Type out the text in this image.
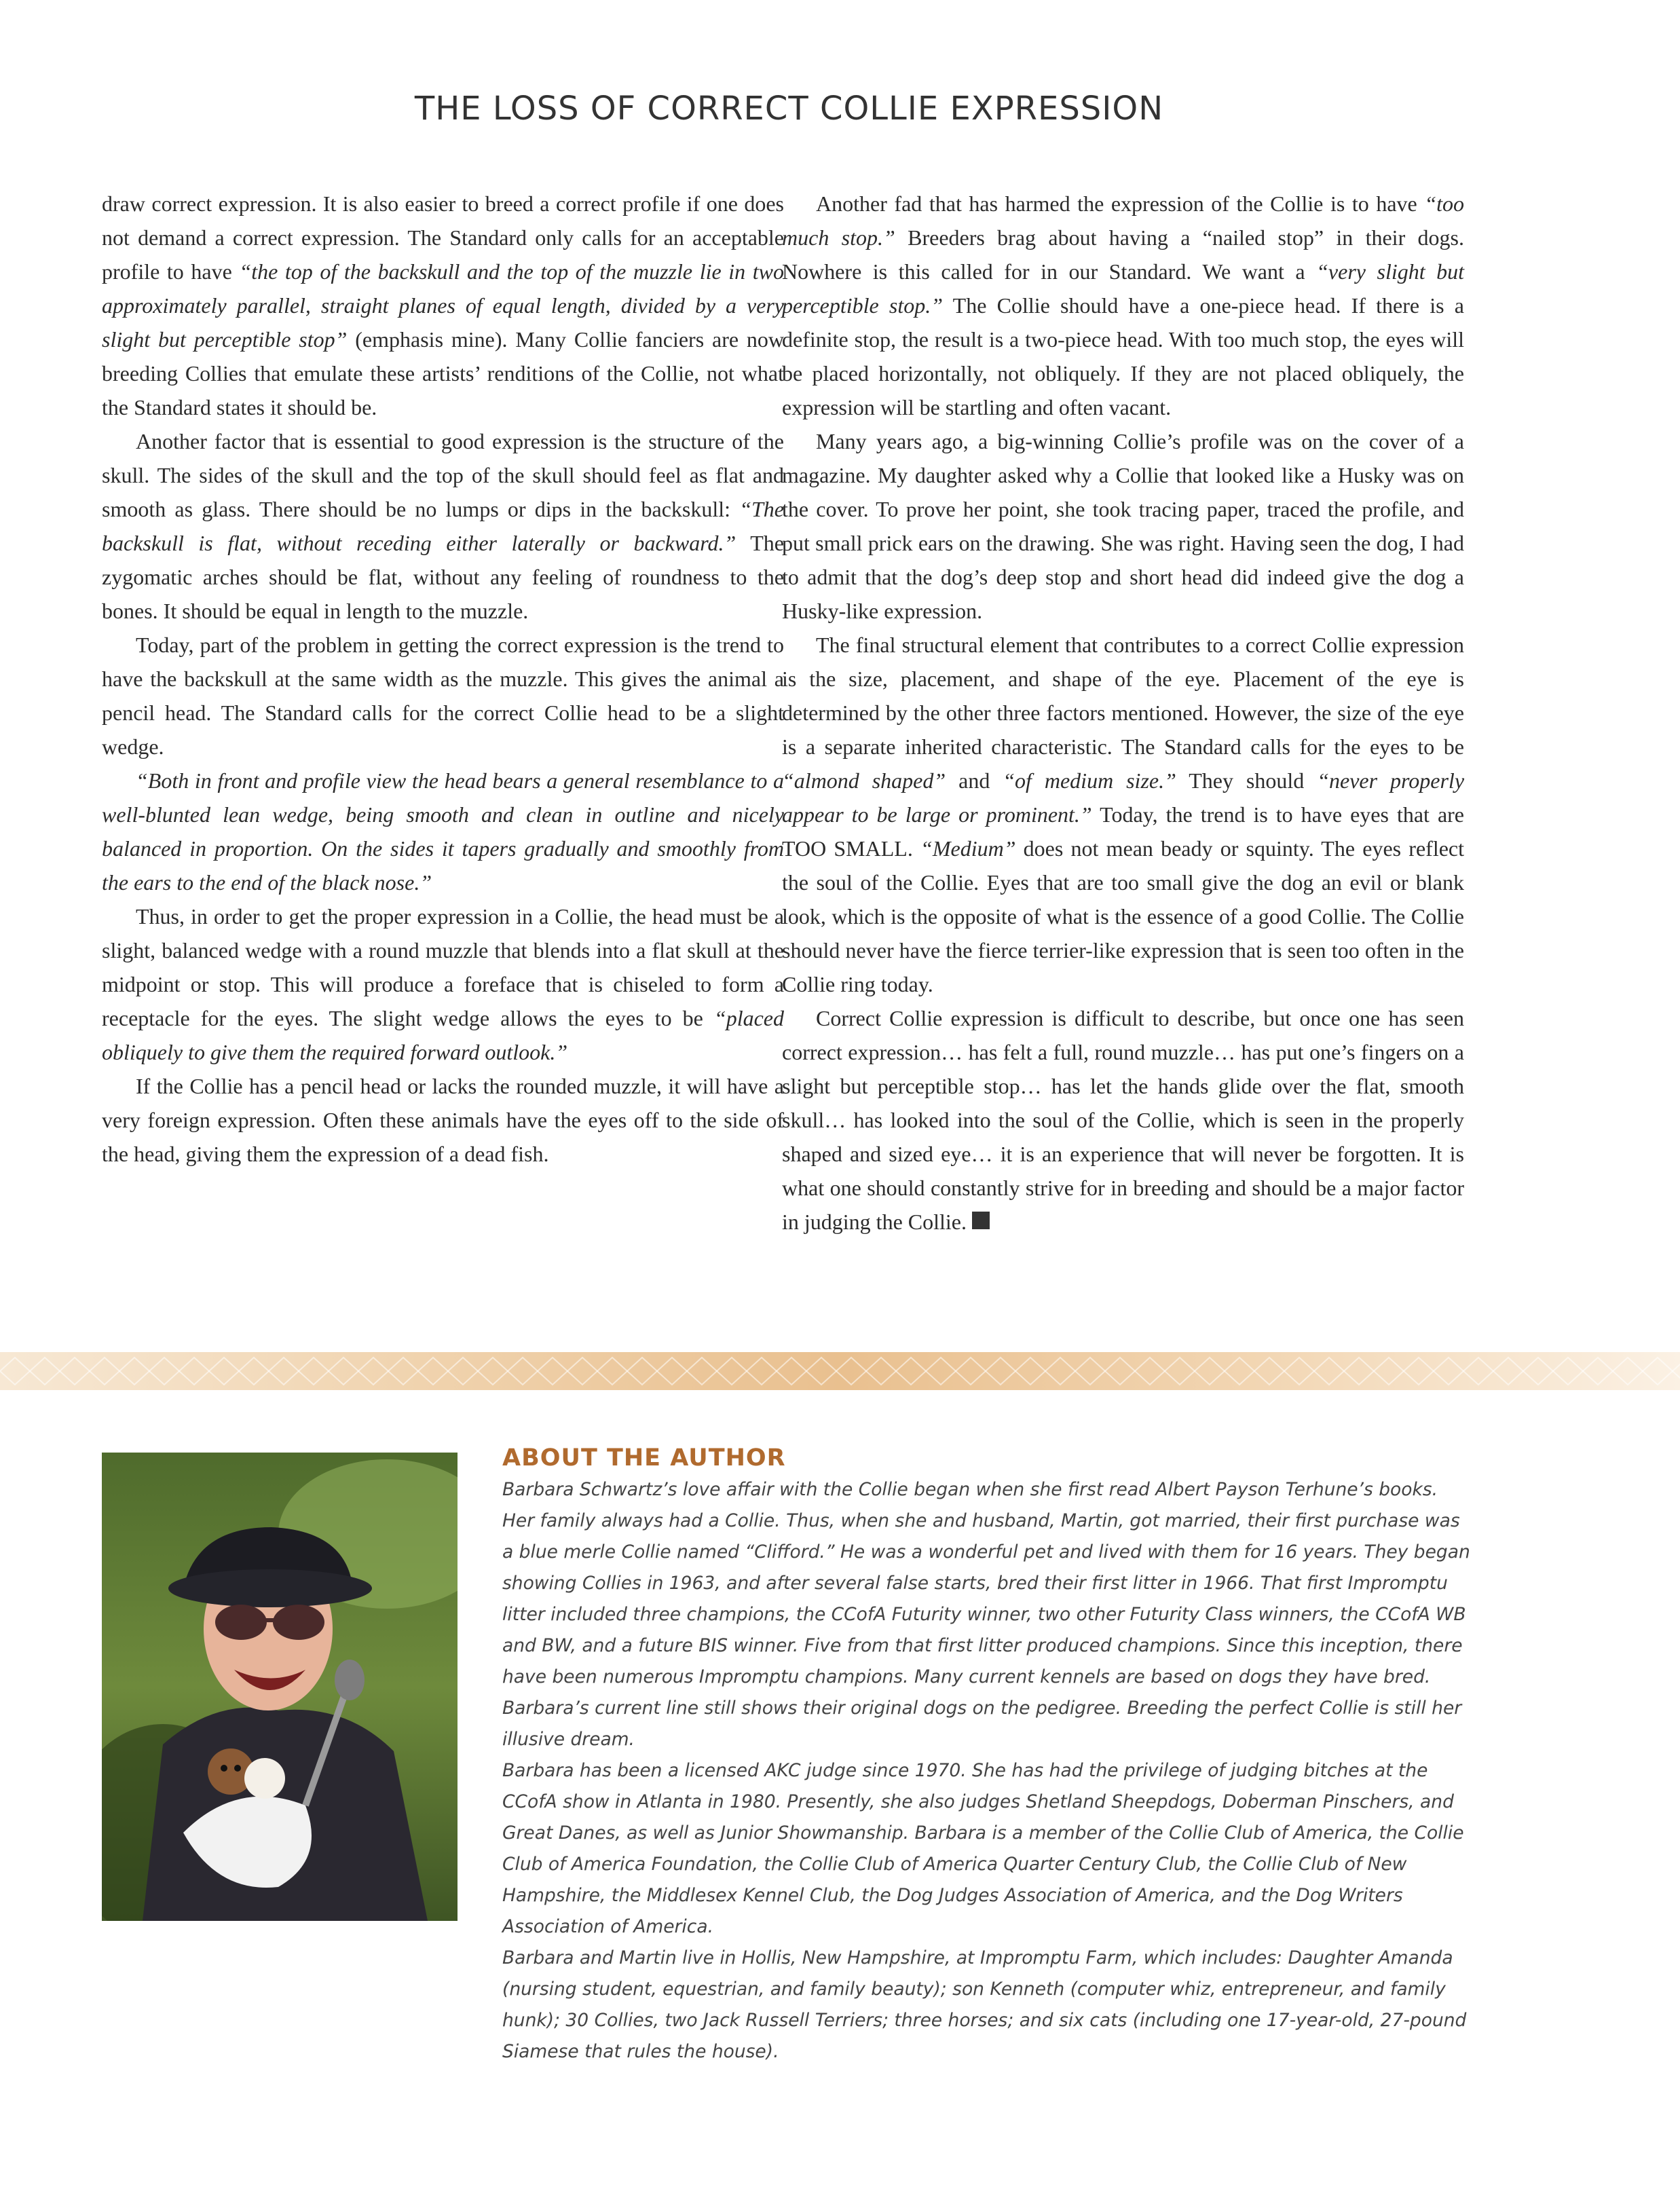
THE LOSS OF CORRECT COLLIE EXPRESSION

draw correct expression. It is also easier to breed a correct profile if one does not demand a correct expression. The Standard only calls for an acceptable profile to have “the top of the backskull and the top of the muzzle lie in two approximately parallel, straight planes of equal length, divided by a very slight but perceptible stop” (emphasis mine). Many Collie fanciers are now breeding Collies that emulate these artists’ renditions of the Collie, not what the Standard states it should be.

Another factor that is essential to good expression is the structure of the skull. The sides of the skull and the top of the skull should feel as flat and smooth as glass. There should be no lumps or dips in the backskull: “The backskull is flat, without receding either laterally or backward.” The zygomatic arches should be flat, without any feeling of roundness to the bones. It should be equal in length to the muzzle.

Today, part of the problem in getting the correct expression is the trend to have the backskull at the same width as the muzzle. This gives the animal a pencil head. The Standard calls for the correct Collie head to be a slight wedge.

“Both in front and profile view the head bears a general resemblance to a well-blunted lean wedge, being smooth and clean in outline and nicely balanced in proportion. On the sides it tapers gradually and smoothly from the ears to the end of the black nose.”

Thus, in order to get the proper expression in a Collie, the head must be a slight, balanced wedge with a round muzzle that blends into a flat skull at the midpoint or stop. This will produce a foreface that is chiseled to form a receptacle for the eyes. The slight wedge allows the eyes to be “placed obliquely to give them the required forward outlook.”

If the Collie has a pencil head or lacks the rounded muzzle, it will have a very foreign expression. Often these animals have the eyes off to the side of the head, giving them the expression of a dead fish.

Another fad that has harmed the expression of the Collie is to have “too much stop.” Breeders brag about having a “nailed stop” in their dogs. Nowhere is this called for in our Standard. We want a “very slight but perceptible stop.” The Collie should have a one-piece head. If there is a definite stop, the result is a two-piece head. With too much stop, the eyes will be placed horizontally, not obliquely. If they are not placed obliquely, the expression will be startling and often vacant.

Many years ago, a big-winning Collie’s profile was on the cover of a magazine. My daughter asked why a Collie that looked like a Husky was on the cover. To prove her point, she took tracing paper, traced the profile, and put small prick ears on the drawing. She was right. Having seen the dog, I had to admit that the dog’s deep stop and short head did indeed give the dog a Husky-like expression.

The final structural element that contributes to a correct Collie expression is the size, placement, and shape of the eye. Placement of the eye is determined by the other three factors mentioned. However, the size of the eye is a separate inherited characteristic. The Standard calls for the eyes to be “almond shaped” and “of medium size.” They should “never properly appear to be large or prominent.” Today, the trend is to have eyes that are TOO SMALL. “Medium” does not mean beady or squinty. The eyes reflect the soul of the Collie. Eyes that are too small give the dog an evil or blank look, which is the opposite of what is the essence of a good Collie. The Collie should never have the fierce terrier-like expression that is seen too often in the Collie ring today.

Correct Collie expression is difficult to describe, but once one has seen correct expression… has felt a full, round muzzle… has put one’s fingers on a slight but perceptible stop… has let the hands glide over the flat, smooth skull… has looked into the soul of the Collie, which is seen in the properly shaped and sized eye… it is an experience that will never be forgotten. It is what one should constantly strive for in breeding and should be a major factor in judging the Collie.

ABOUT THE AUTHOR

Barbara Schwartz’s love affair with the Collie began when she first read Albert Payson Terhune’s books. Her family always had a Collie. Thus, when she and husband, Martin, got married, their first purchase was a blue merle Collie named “Clifford.” He was a wonderful pet and lived with them for 16 years. They began showing Collies in 1963, and after several false starts, bred their first litter in 1966. That first Impromptu litter included three champions, the CCofA Futurity winner, two other Futurity Class winners, the CCofA WB and BW, and a future BIS winner. Five from that first litter produced champions. Since this inception, there have been numerous Impromptu champions. Many current kennels are based on dogs they have bred. Barbara’s current line still shows their original dogs on the pedigree. Breeding the perfect Collie is still her illusive dream.

Barbara has been a licensed AKC judge since 1970. She has had the privilege of judging bitches at the CCofA show in Atlanta in 1980. Presently, she also judges Shetland Sheepdogs, Doberman Pinschers, and Great Danes, as well as Junior Showmanship. Barbara is a member of the Collie Club of America, the Collie Club of America Foundation, the Collie Club of America Quarter Century Club, the Collie Club of New Hampshire, the Middlesex Kennel Club, the Dog Judges Association of America, and the Dog Writers Association of America.

Barbara and Martin live in Hollis, New Hampshire, at Impromptu Farm, which includes: Daughter Amanda (nursing student, equestrian, and family beauty); son Kenneth (computer whiz, entrepreneur, and family hunk); 30 Collies, two Jack Russell Terriers; three horses; and six cats (including one 17-year-old, 27-pound Siamese that rules the house).
